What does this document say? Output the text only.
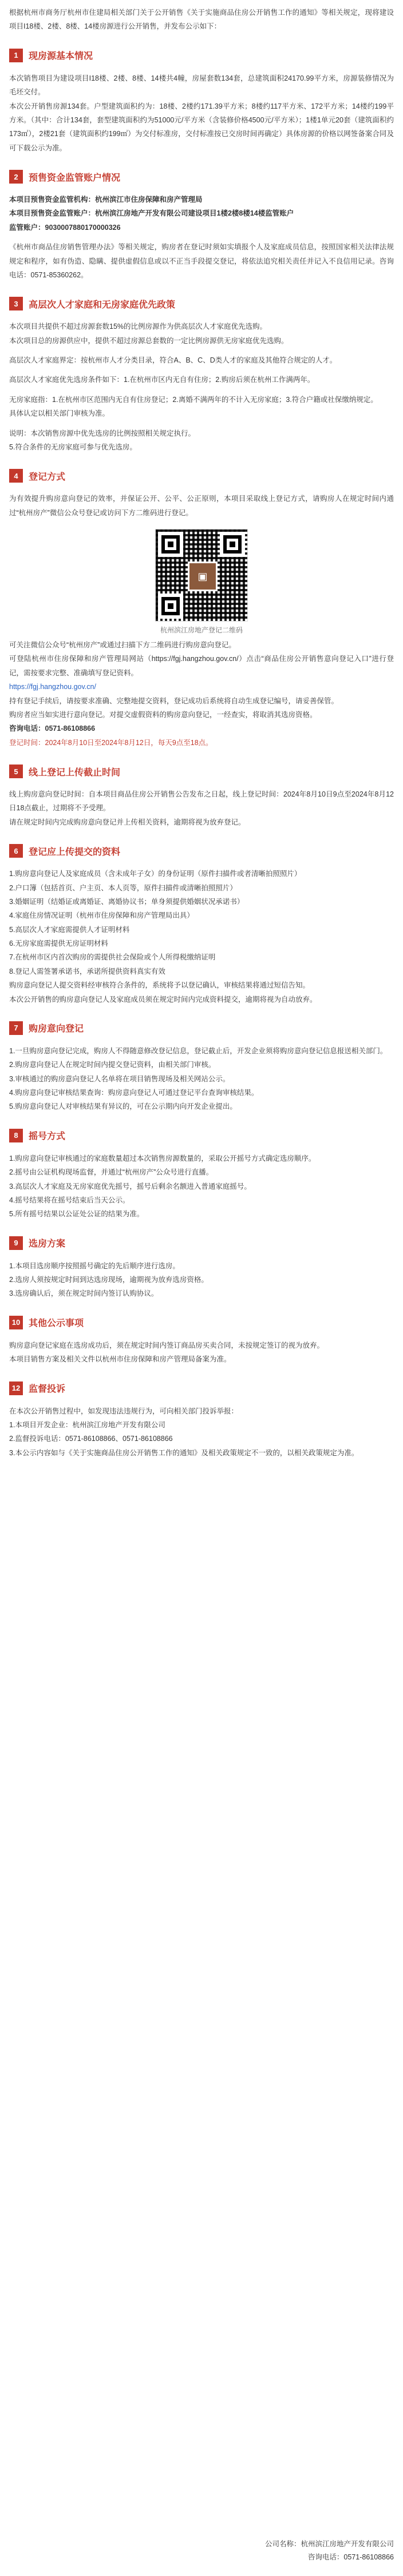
根据杭州市商务厅杭州市住建局相关部门关于公开销售《关于实施商品住房公开销售工作的通知》等相关规定，现将建设项目I18楼、2楼、8楼、14楼房源进行公开销售，并发布公示如下：

1	现房源基本情况

本次销售项目为建设项目I18楼、2楼、8楼、14楼共4幢，房屋套数134套，总建筑面积24170.99平方米，房源装修情况为毛坯交付。

本次公开销售房源134套。户型建筑面积约为：18楼、2楼约171.39平方米；8楼约117平方米、172平方米；14楼约199平方米。（其中：合计134套，套型建筑面积约为51000元/平方米（含装修价格4500元/平方米）；1楼1单元20套（建筑面积约173㎡），2楼21套（建筑面积约199㎡）为交付标准房，交付标准按已交房时间再确定）具体房源的价格以网签备案合同及可下载公示为准。

2	预售资金监管账户情况

本项目预售资金监管机构：杭州滨江市住房保障和房产管理局

本项目预售资金监管账户：杭州滨江房地产开发有限公司建设项目1楼2楼8楼14楼监管账户

监管账户：9030007880170000326

《杭州市商品住房销售管理办法》等相关规定，购房者在登记时须如实填报个人及家庭成员信息，按照国家相关法律法规规定和程序，如有伪造、隐瞒、提供虚假信息或以不正当手段提交登记，将依法追究相关责任并记入不良信用记录。咨询电话：0571-85360262。

3	高层次人才家庭和无房家庭优先政策

本次项目共提供不超过房源套数15%的比例房源作为供高层次人才家庭优先选购。

本次项目总的房源供应中，提供不超过房源总套数的一定比例房源供无房家庭优先选购。

高层次人才家庭界定：按杭州市人才分类目录，符合A、B、C、D类人才的家庭及其他符合规定的人才。

高层次人才家庭优先选房条件如下：1.在杭州市区内无自有住房；2.购房后须在杭州工作满两年。

无房家庭指：1.在杭州市区范围内无自有住房登记；2.离婚不满两年的不计入无房家庭；3.符合户籍或社保缴纳规定。

具体认定以相关部门审核为准。

说明：本次销售房源中优先选房的比例按照相关规定执行。

5.符合条件的无房家庭可参与优先选房。

4	登记方式

为有效提升购房意向登记的效率，并保证公开、公平、公正原则，本项目采取线上登记方式，请购房人在规定时间内通过“杭州房产”微信公众号登记或访问下方二维码进行登记。

▣
杭州滨江房地产登记二维码

可关注微信公众号“杭州房产”或通过扫描下方二维码进行购房意向登记。

可登陆杭州市住房保障和房产管理局网站（https://fgj.hangzhou.gov.cn/）点击“商品住房公开销售意向登记入口”进行登记，需按要求完整、准确填写登记资料。

https://fgj.hangzhou.gov.cn/

持有登记手续后，请按要求准确、完整地提交资料，登记成功后系统将自动生成登记编号，请妥善保管。

购房者应当如实进行意向登记。对提交虚假资料的购房意向登记，一经查实，将取消其选房资格。

咨询电话：0571-86108866

登记时间：2024年8月10日至2024年8月12日，每天9点至18点。

5	线上登记上传截止时间

线上购房意向登记时间：自本项目商品住房公开销售公告发布之日起，线上登记时间：2024年8月10日9点至2024年8月12日18点截止，过期将不予受理。

请在规定时间内完成购房意向登记并上传相关资料，逾期将视为放弃登记。

6	登记应上传提交的资料

1.购房意向登记人及家庭成员（含未成年子女）的身份证明（原件扫描件或者清晰拍照照片）

2.户口簿（包括首页、户主页、本人页等，原件扫描件或清晰拍照照片）

3.婚姻证明（结婚证或离婚证、离婚协议书；单身须提供婚姻状况承诺书）

4.家庭住房情况证明（杭州市住房保障和房产管理局出具）

5.高层次人才家庭需提供人才证明材料

6.无房家庭需提供无房证明材料

7.在杭州市区内首次购房的需提供社会保险或个人所得税缴纳证明

8.登记人需签署承诺书，承诺所提供资料真实有效

购房意向登记人提交资料经审核符合条件的，系统将予以登记确认，审核结果将通过短信告知。

本次公开销售的购房意向登记人及家庭成员须在规定时间内完成资料提交，逾期将视为自动放弃。

7	购房意向登记

1.一旦购房意向登记完成，购房人不得随意修改登记信息，登记截止后，开发企业须将购房意向登记信息报送相关部门。

2.购房意向登记人在规定时间内提交登记资料，由相关部门审核。

3.审核通过的购房意向登记人名单将在项目销售现场及相关网站公示。

4.购房意向登记审核结果查询：购房意向登记人可通过登记平台查询审核结果。

5.购房意向登记人对审核结果有异议的，可在公示期内向开发企业提出。

8	摇号方式

1.购房意向登记审核通过的家庭数量超过本次销售房源数量的，采取公开摇号方式确定选房顺序。

2.摇号由公证机构现场监督，并通过“杭州房产”公众号进行直播。

3.高层次人才家庭及无房家庭优先摇号，摇号后剩余名额进入普通家庭摇号。

4.摇号结果将在摇号结束后当天公示。

5.所有摇号结果以公证处公证的结果为准。

9	选房方案

1.本项目选房顺序按照摇号确定的先后顺序进行选房。

2.选房人须按规定时间到达选房现场，逾期视为放弃选房资格。

3.选房确认后，须在规定时间内签订认购协议。

10 其他公示事项

购房意向登记家庭在选房成功后，须在规定时间内签订商品房买卖合同，未按规定签订的视为放弃。

本项目销售方案及相关文件以杭州市住房保障和房产管理局备案为准。

12 监督投诉

在本次公开销售过程中，如发现违法违规行为，可向相关部门投诉举报：

1.本项目开发企业：杭州滨江房地产开发有限公司

2.监督投诉电话：0571-86108866、0571-86108866

3.本公示内容如与《关于实施商品住房公开销售工作的通知》及相关政策规定不一致的，以相关政策规定为准。

公司名称：杭州滨江房地产开发有限公司
咨询电话：0571-86108866
